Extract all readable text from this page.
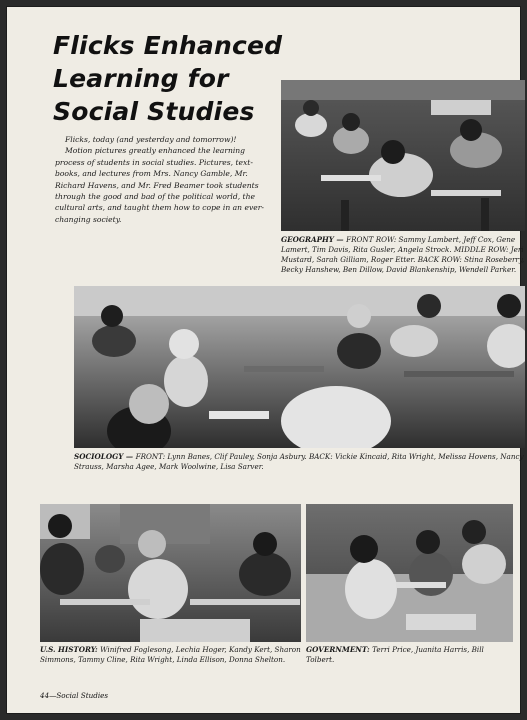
Flicks Enhanced
Learning for
Social Studies

Flicks, today (and yesterday and tomorrow)!

Motion pictures greatly enhanced the learning process of students in social studies. Pictures, text-books, and lectures from Mrs. Nancy Gamble, Mr. Richard Havens, and Mr. Fred Beamer took students through the good and bad of the political world, the cultural arts, and taught them how to cope in an ever-changing society.

GEOGRAPHY — FRONT ROW: Sammy Lambert, Jeff Cox, Gene Lamert, Tim Davis, Rita Gusler, Angela Strock. MIDDLE ROW: Jeri Mustard, Sarah Gilliam, Roger Etter. BACK ROW: Stina Roseberry, Becky Hanshew, Ben Dillow, David Blankenship, Wendell Parker.
SOCIOLOGY — FRONT: Lynn Banes, Clif Pauley, Sonja Asbury. BACK: Vickie Kincaid, Rita Wright, Melissa Hovens, Nancy Strauss, Marsha Agee, Mark Woolwine, Lisa Sarver.
U.S. HISTORY: Winifred Foglesong, Lechia Hoger, Kandy Kert, Sharon Simmons, Tammy Cline, Rita Wright, Linda Ellison, Donna Shelton.
GOVERNMENT: Terri Price, Juanita Harris, Bill Tolbert.
44—Social Studies
